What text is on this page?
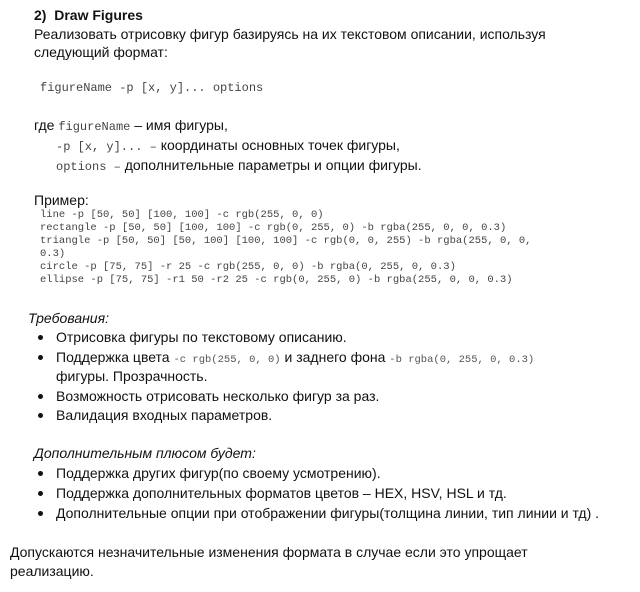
2) Draw Figures
Реализовать отрисовку фигур базируясь на их текстовом описании, используя
следующий формат:
figureName -p [x, y]... options
где figureName – имя фигуры,
-p [x, y]... – координаты основных точек фигуры,
options – дополнительные параметры и опции фигуры.
Пример:
line -p [50, 50] [100, 100] -c rgb(255, 0, 0)
rectangle -p [50, 50] [100, 100] -c rgb(0, 255, 0) -b rgba(255, 0, 0, 0.3)
triangle -p [50, 50] [50, 100] [100, 100] -c rgb(0, 0, 255) -b rgba(255, 0, 0,
0.3)
circle -p [75, 75] -r 25 -c rgb(255, 0, 0) -b rgba(0, 255, 0, 0.3)
ellipse -p [75, 75] -r1 50 -r2 25 -c rgb(0, 255, 0) -b rgba(255, 0, 0, 0.3)
Требования:
Отрисовка фигуры по текстовому описанию.
Поддержка цвета -c rgb(255, 0, 0) и заднего фона -b rgba(0, 255, 0, 0.3)
фигуры. Прозрачность.
Возможность отрисовать несколько фигур за раз.
Валидация входных параметров.
Дополнительным плюсом будет:
Поддержка других фигур(по своему усмотрению).
Поддержка дополнительных форматов цветов – HEX, HSV, HSL и тд.
Дополнительные опции при отображении фигуры(толщина линии, тип линии и тд) .
Допускаются незначительные изменения формата в случае если это упрощает
реализацию.
